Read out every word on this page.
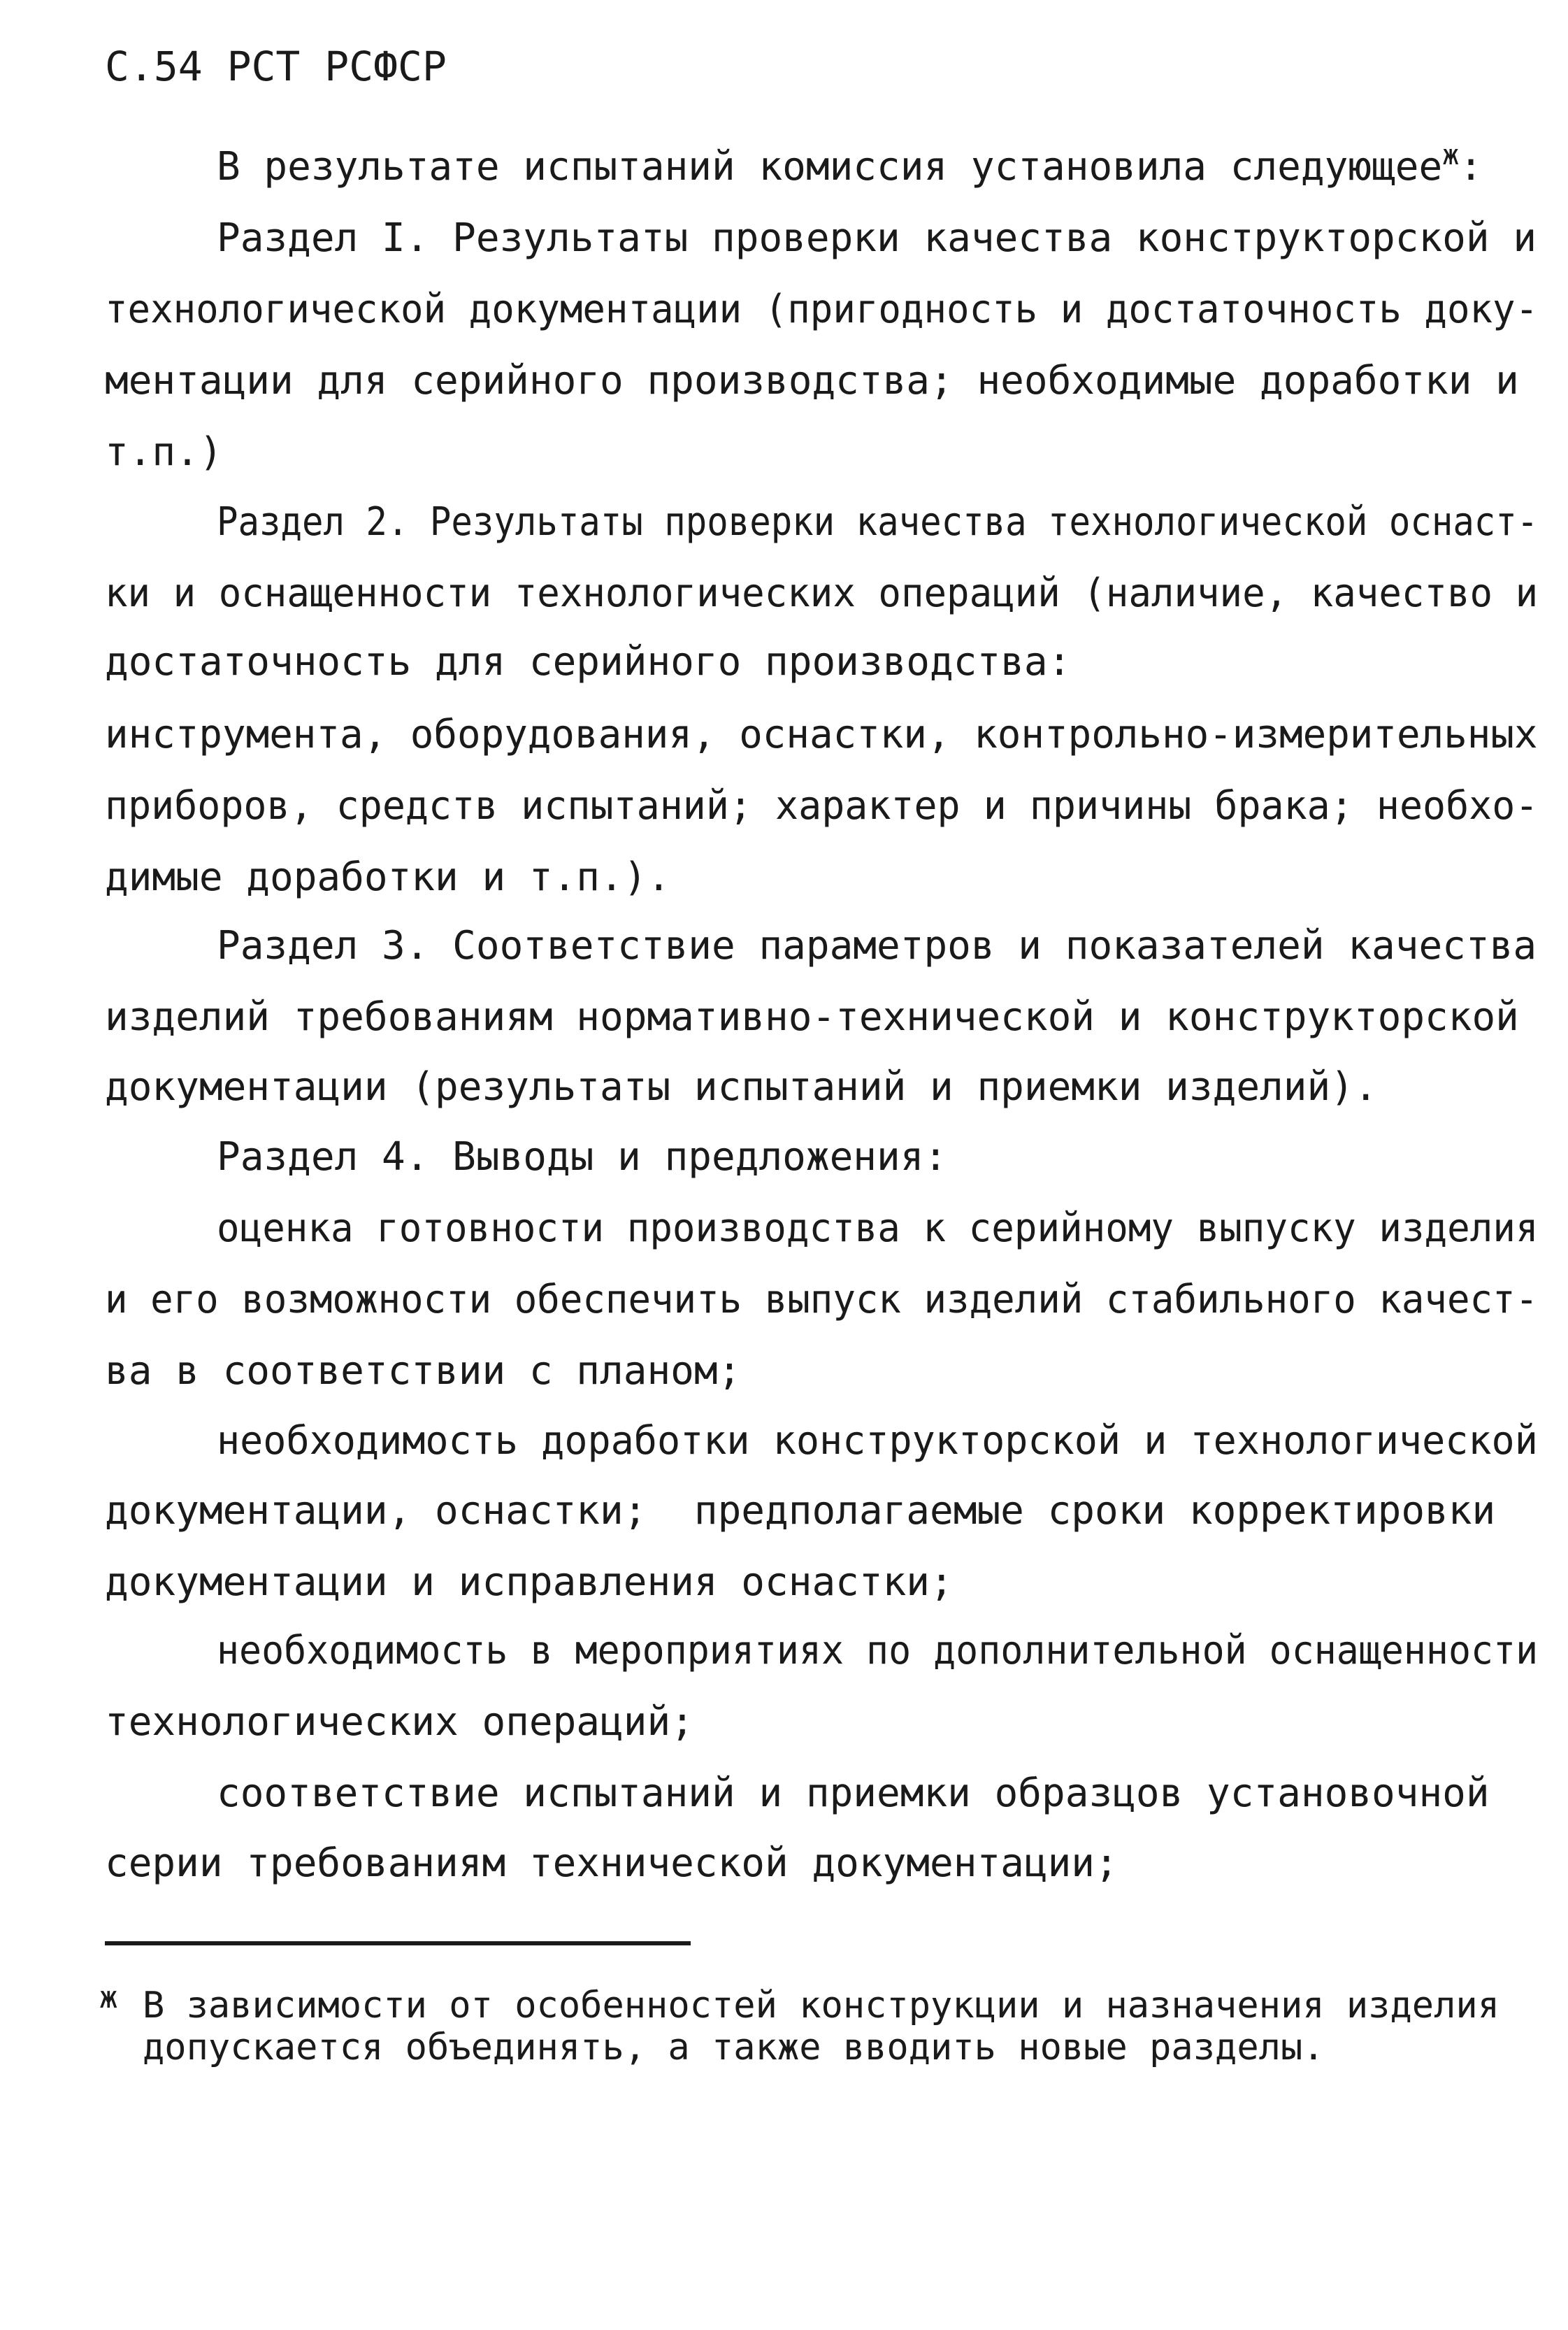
С.54 РСТ РСФСР
В результате испытаний комиссия установила следующее$^ж$:
Раздел I. Результаты проверки качества конструкторской и
технологической документации (пригодность и достаточность доку-
ментации для серийного производства; необходимые доработки и
т.п.)
Раздел 2. Результаты проверки качества технологической оснаст-
ки и оснащенности технологических операций (наличие, качество и
достаточность для серийного производства:
инструмента, оборудования, оснастки, контрольно-измерительных
приборов, средств испытаний; характер и причины брака; необхо-
димые доработки и т.п.).
Раздел 3. Соответствие параметров и показателей качества
изделий требованиям нормативно-технической и конструкторской
документации (результаты испытаний и приемки изделий).
Раздел 4. Выводы и предложения:
оценка готовности производства к серийному выпуску изделия
и его возможности обеспечить выпуск изделий стабильного качест-
ва в соответствии с планом;
необходимость доработки конструкторской и технологической
документации, оснастки;  предполагаемые сроки корректировки
документации и исправления оснастки;
необходимость в мероприятиях по дополнительной оснащенности
технологических операций;
соответствие испытаний и приемки образцов установочной
серии требованиям технической документации;
ж В зависимости от особенностей конструкции и назначения изделия
допускается объединять, а также вводить новые разделы.
